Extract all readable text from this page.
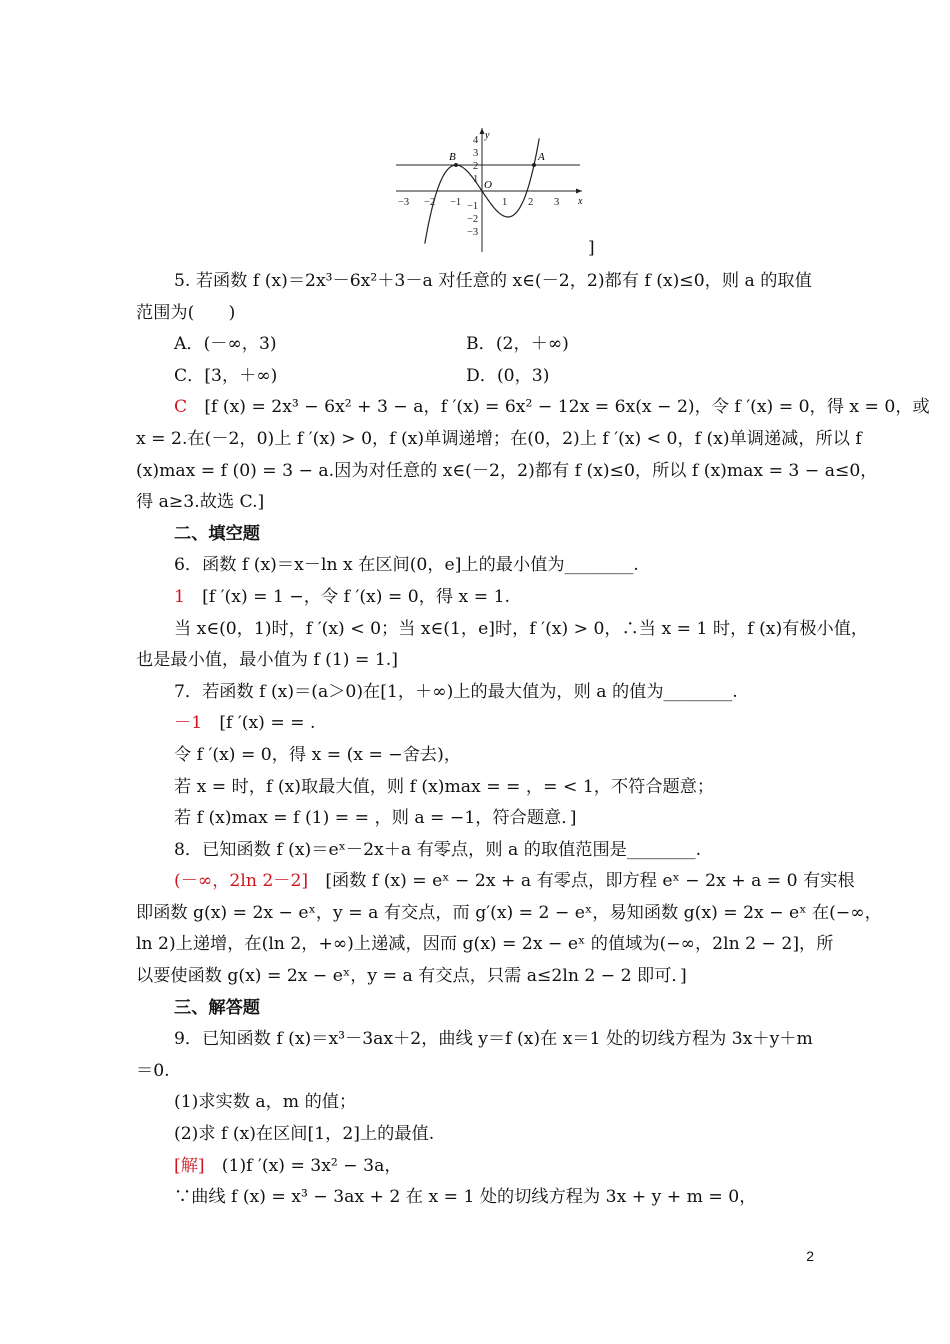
−3 −2 −1	1 2 3
4
3
2
1
−1
−2
−3
x
y
O
B	A
]
5. 若函数 f (x)＝2x³－6x²＋3－a 对任意的 x∈(－2，2)都有 f (x)≤0，则 a 的取值
范围为(　　)
A．(－∞，3)	B．(2，＋∞)
C．[3，＋∞)	D．(0，3)
C　[f (x) = 2x³ − 6x² + 3 − a，f ′(x) = 6x² − 12x = 6x(x − 2)，令 f ′(x) = 0，得 x = 0，或
x = 2.在(－2，0)上 f ′(x) > 0，f (x)单调递增；在(0，2)上 f ′(x) < 0，f (x)单调递减，所以 f
(x)max = f (0) = 3 − a.因为对任意的 x∈(－2，2)都有 f (x)≤0，所以 f (x)max = 3 − a≤0，
得 a≥3.故选 C.]
二、填空题
6．函数 f (x)＝x－ln x 在区间(0，e]上的最小值为________.
1　[f ′(x) = 1 −，令 f ′(x) = 0，得 x = 1.
当 x∈(0，1)时，f ′(x) < 0；当 x∈(1，e]时，f ′(x) > 0，∴当 x = 1 时，f (x)有极小值，
也是最小值，最小值为 f (1) = 1.]
7．若函数 f (x)＝(a＞0)在[1，＋∞)上的最大值为，则 a 的值为________.
－1　[f ′(x) = = .
令 f ′(x) = 0，得 x = (x = −舍去)，
若 x = 时，f (x)取最大值，则 f (x)max = = ，= < 1，不符合题意；
若 f (x)max = f (1) = = ，则 a = −1，符合题意．]
8．已知函数 f (x)＝eˣ－2x＋a 有零点，则 a 的取值范围是________.
(－∞，2ln 2－2]　[函数 f (x) = eˣ − 2x + a 有零点，即方程 eˣ − 2x + a = 0 有实根
即函数 g(x) = 2x − eˣ，y = a 有交点，而 g′(x) = 2 − eˣ，易知函数 g(x) = 2x − eˣ 在(−∞，
ln 2)上递增，在(ln 2，+∞)上递减，因而 g(x) = 2x − eˣ 的值域为(−∞，2ln 2 − 2]，所
以要使函数 g(x) = 2x − eˣ，y = a 有交点，只需 a≤2ln 2 − 2 即可．]
三、解答题
9．已知函数 f (x)＝x³－3ax＋2，曲线 y＝f (x)在 x＝1 处的切线方程为 3x＋y＋m
＝0.
(1)求实数 a，m 的值；
(2)求 f (x)在区间[1，2]上的最值.
[解]　(1)f ′(x) = 3x² − 3a，
∵曲线 f (x) = x³ − 3ax + 2 在 x = 1 处的切线方程为 3x + y + m = 0，
2
